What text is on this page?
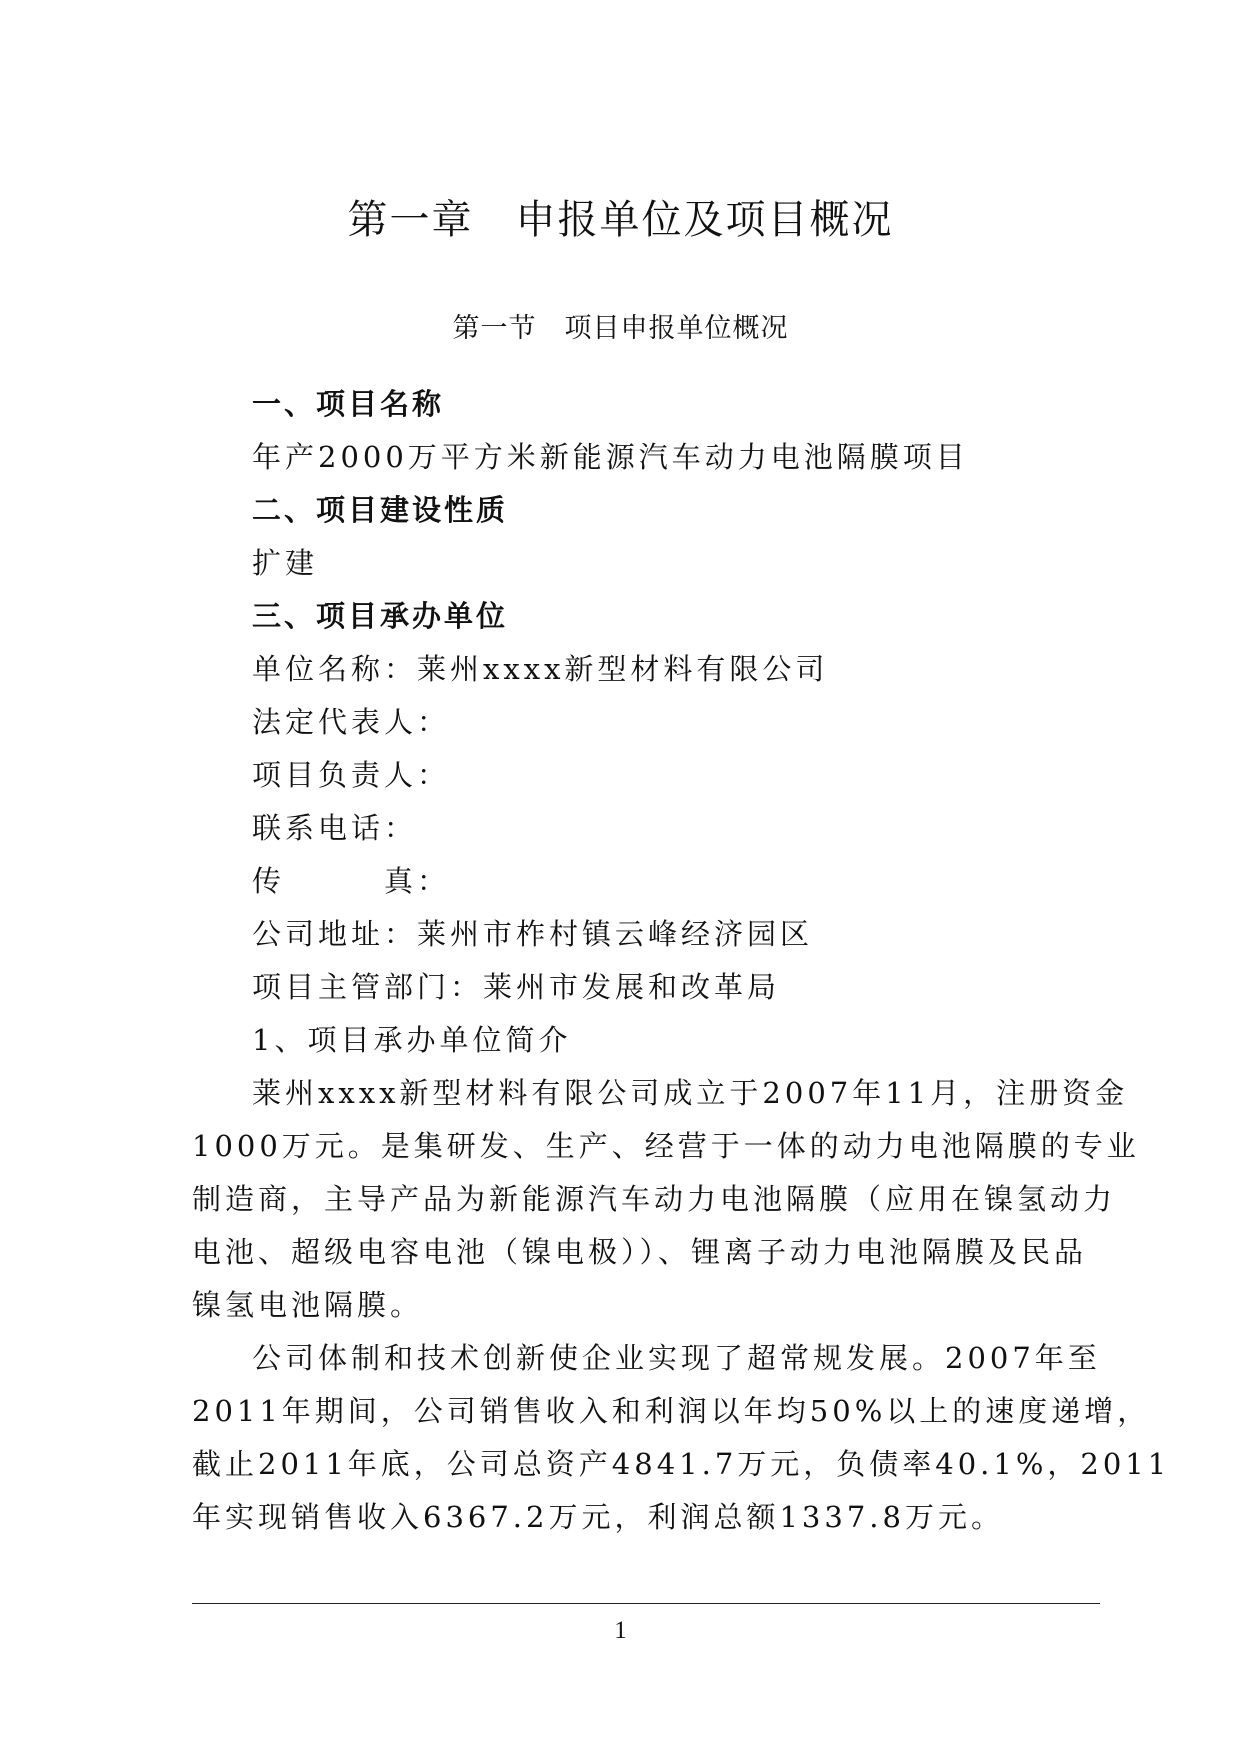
第一章　申报单位及项目概况
第一节　项目申报单位概况
一、项目名称
年产2000万平方米新能源汽车动力电池隔膜项目
二、项目建设性质
扩建
三、项目承办单位
单位名称：莱州xxxx新型材料有限公司
法定代表人：
项目负责人：
联系电话：
传　　　真：
公司地址：莱州市柞村镇云峰经济园区
项目主管部门：莱州市发展和改革局
1、项目承办单位简介
莱州xxxx新型材料有限公司成立于2007年11月，注册资金
1000万元。是集研发、生产、经营于一体的动力电池隔膜的专业
制造商，主导产品为新能源汽车动力电池隔膜（应用在镍氢动力
电池、超级电容电池（镍电极））、锂离子动力电池隔膜及民品
镍氢电池隔膜。
公司体制和技术创新使企业实现了超常规发展。2007年至
2011年期间，公司销售收入和利润以年均50%以上的速度递增，
截止2011年底，公司总资产4841.7万元，负债率40.1%，2011
年实现销售收入6367.2万元，利润总额1337.8万元。
1
